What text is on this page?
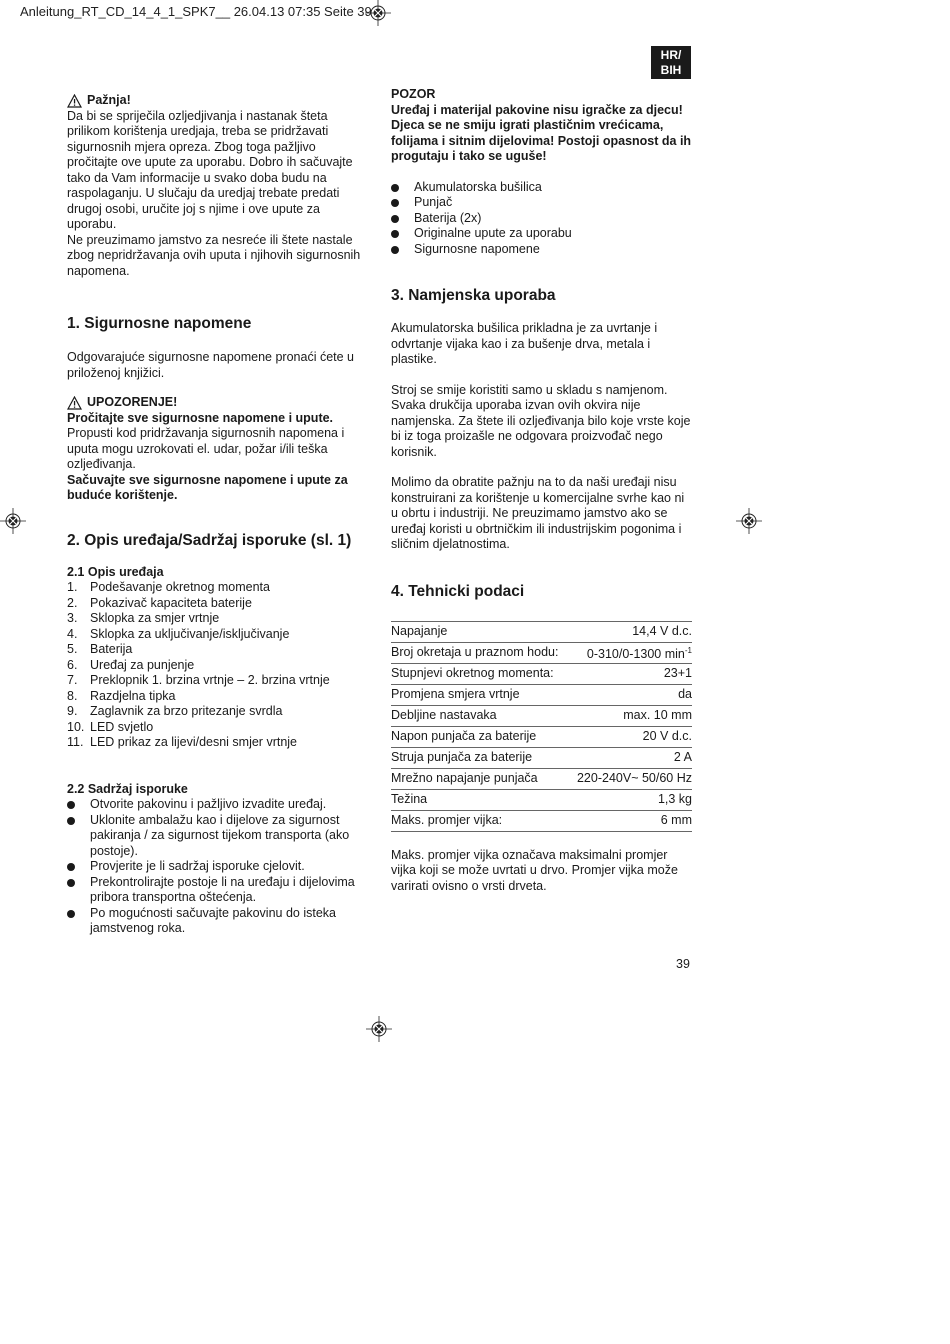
Anleitung_RT_CD_14_4_1_SPK7__ 26.04.13 07:35 Seite 39
HR/
BIH
Pažnja!

Da bi se spriječila ozljedjivanja i nastanak šteta prilikom korištenja uredjaja, treba se pridržavati sigurnosnih mjera opreza. Zbog toga pažljivo pročitajte ove upute za uporabu. Dobro ih sačuvajte tako da Vam informacije u svako doba budu na raspolaganju. U slučaju da uredjaj trebate predati drugoj osobi, uručite joj s njime i ove upute za uporabu.

Ne preuzimamo jamstvo za nesreće ili štete nastale zbog nepridržavanja ovih uputa i njihovih sigurnosnih napomena.

1. Sigurnosne napomene

Odgovarajuće sigurnosne napomene pronaći ćete u priloženoj knjižici.

UPOZORENJE!

Pročitajte sve sigurnosne napomene i upute.

Propusti kod pridržavanja sigurnosnih napomena i uputa mogu uzrokovati el. udar, požar i/ili teška ozljeđivanja.

Sačuvajte sve sigurnosne napomene i upute za buduće korištenje.

2. Opis uređaja/Sadržaj isporuke (sl. 1)

2.1 Opis uređaja

1.	Podešavanje okretnog momenta
2.	Pokazivač kapaciteta baterije
3.	Sklopka za smjer vrtnje
4.	Sklopka za uključivanje/isključivanje
5.	Baterija
6.	Uređaj za punjenje
7.	Preklopnik 1. brzina vrtnje – 2. brzina vrtnje
8.	Razdjelna tipka
9.	Zaglavnik za brzo pritezanje svrdla
10. LED svjetlo
11. LED prikaz za lijevi/desni smjer vrtnje

2.2 Sadržaj isporuke

Otvorite pakovinu i pažljivo izvadite uređaj.
Uklonite ambalažu kao i dijelove za sigurnost pakiranja / za sigurnost tijekom transporta (ako postoje).
Provjerite je li sadržaj isporuke cjelovit.
Prekontrolirajte postoje li na uređaju i dijelovima pribora transportna oštećenja.
Po mogućnosti sačuvajte pakovinu do isteka jamstvenog roka.

POZOR

Uređaj i materijal pakovine nisu igračke za djecu! Djeca se ne smiju igrati plastičnim vrećicama, folijama i sitnim dijelovima! Postoji opasnost da ih progutaju i tako se uguše!

Akumulatorska bušilica
Punjač
Baterija (2x)
Originalne upute za uporabu
Sigurnosne napomene
3. Namjenska uporaba

Akumulatorska bušilica prikladna je za uvrtanje i odvrtanje vijaka kao i za bušenje drva, metala i plastike.

Stroj se smije koristiti samo u skladu s namjenom. Svaka drukčija uporaba izvan ovih okvira nije namjenska. Za štete ili ozljeđivanja bilo koje vrste koje bi iz toga proizašle ne odgovara proizvođač nego korisnik.

Molimo da obratite pažnju na to da naši uređaji nisu konstruirani za korištenje u komercijalne svrhe kao ni u obrtu i industriji. Ne preuzimamo jamstvo ako se uređaj koristi u obrtničkim ili industrijskim pogonima i sličnim djelatnostima.

4. Tehnicki podaci
Napajanje	14,4 V d.c.
Broj okretaja u praznom hodu:	0-310/0-1300 $\min^{-1}$
Stupnjevi okretnog momenta:	23+1
Promjena smjera vrtnje	da
Debljine nastavaka	max. 10 mm
Napon punjača za baterije	20 V d.c.
Struja punjača za baterije	2 A
Mrežno napajanje punjača	220-240V~ 50/60 Hz
Težina	1,3 kg
Maks. promjer vijka:	6 mm

Maks. promjer vijka označava maksimalni promjer vijka koji se može uvrtati u drvo. Promjer vijka može varirati ovisno o vrsti drveta.

39
